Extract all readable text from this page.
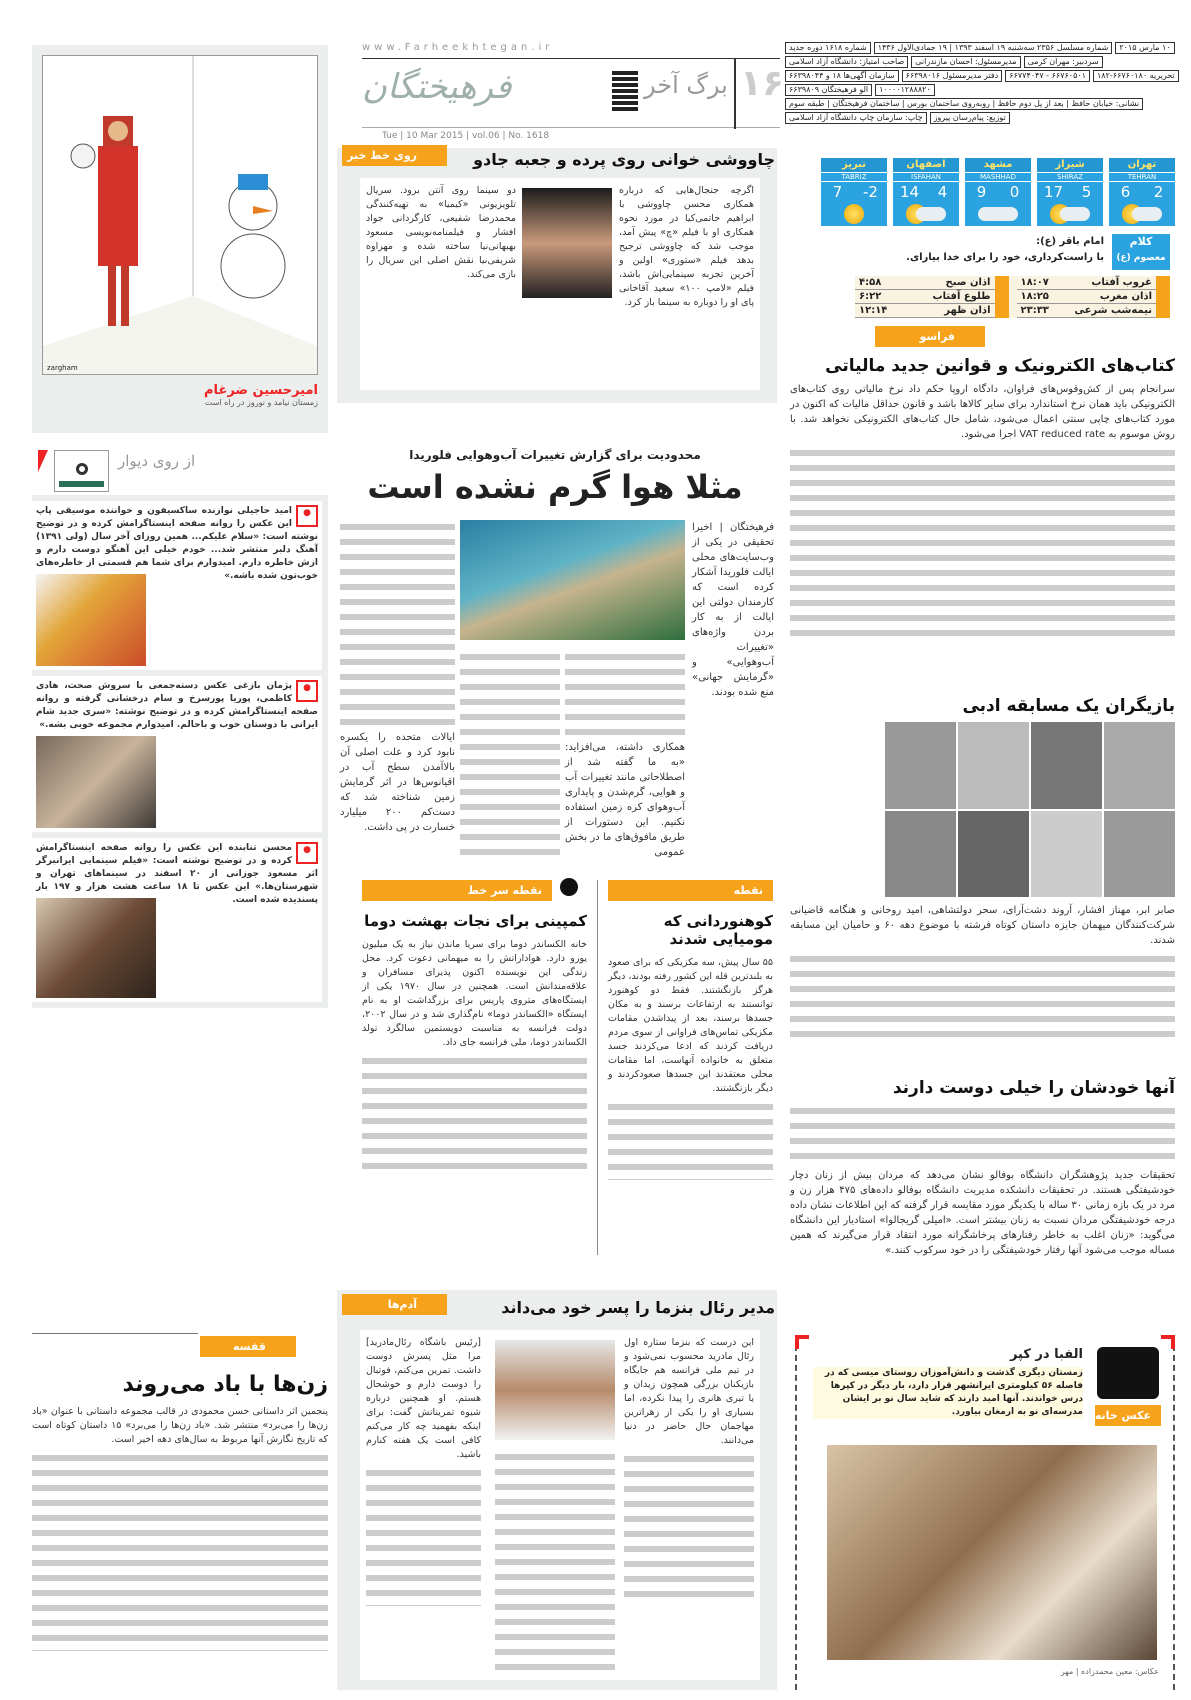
zargham
امیرحسین ضرغام
زمستان نیامد و نوروز در راه است
از روی دیوار
●
امید حاجیلی نوازنده ساکسیفون و خواننده موسیقی پاپ این عکس را روانه صفحه اینستاگرامش کرده و در توضیح نوشته است: «سلام علیکم... همین روزای آخر سال (ولی ۱۳۹۱) آهنگ دلبر منتشر شد... خودم خیلی این آهنگو دوست دارم و ازش خاطره دارم. امیدوارم برای شما هم قسمتی از خاطره‌های خوب‌تون شده باشه.»
●
پژمان بازغی عکس دسته‌جمعی با سروش صحت، هادی کاظمی، پوریا پورسرخ و سام درخشانی گرفته و روانه صفحه اینستاگرامش کرده و در توضیح نوشته: «سری جدید شام ایرانی با دوستان خوب و باحالم. امیدوارم مجموعه خوبی بشه.»
●
محسن تنابنده این عکس را روانه صفحه اینستاگرامش کرده و در توضیح نوشته است: «فیلم سینمایی ایرانبرگر اثر مسعود جوزانی از ۲۰ اسفند در سینماهای تهران و شهرستان‌ها.» این عکس تا ۱۸ ساعت هشت هزار و ۱۹۷ بار پسندیده شده است.
قفسه
زن‌ها با باد می‌روند
پنجمین اثر داستانی حسن محمودی در قالب مجموعه داستانی با عنوان «باد زن‌ها را می‌برد» منتشر شد. «باد زن‌ها را می‌برد» ۱۵ داستان کوتاه است که تاریخ نگارش آنها مربوط به سال‌های دهه اخیر است.
www.Farheekhtegan.ir
فرهیختگان	برگ آخر ۱۶
Tue | 10 Mar 2015 | vol.06 | No. 1618
روی خط خبر	چاووشی خوانی روی پرده و جعبه جادو
اگرچه جنجال‌هایی که درباره همکاری محسن چاووشی با ابراهیم حاتمی‌کیا در مورد نحوه همکاری او با فیلم «چ» پیش آمد، موجب شد که چاووشی ترجیح بدهد فیلم «ستوری» اولین و آخرین تجربه سینمایی‌اش باشد، فیلم «لامپ ۱۰۰» سعید آقاخانی پای او را دوباره به سینما باز کرد.
دو سینما روی آنتن برود. سریال تلویزیونی «کیمیا» به تهیه‌کنندگی محمدرضا شفیعی، کارگردانی جواد افشار و فیلمنامه‌نویسی مسعود بهبهانی‌نیا ساخته شده و مهراوه شریفی‌نیا نقش اصلی این سریال را بازی می‌کند.
محدودیت برای گزارش تغییرات آب‌وهوایی فلوریدا
مثلا هوا گرم نشده است
فرهیختگان | اخیرا تحقیقی در یکی از وب‌سایت‌های محلی ایالت فلوریدا آشکار کرده است که کارمندان دولتی این ایالت از به کار بردن واژه‌های «تغییرات آب‌وهوایی» و «گرمایش جهانی» منع شده بودند.
همکاری داشته، می‌افزاید: «به ما گفته شد از اصطلاحاتی مانند تغییرات آب و هوایی، گرم‌شدن و پایداری آب‌وهوای کره زمین استفاده نکنیم. این دستورات از طریق مافوق‌های ما در بخش عمومی
ایالات متحده را یکسره نابود کرد و علت اصلی آن بالاآمدن سطح آب در اقیانوس‌ها در اثر گرمایش زمین شناخته شد که دست‌کم ۲۰۰ میلیارد خسارت در پی داشت.
نقطه سر خط	نقطه
کمپینی برای نجات بهشت دوما
خانه الکساندر دوما برای سریا ماندن نیاز به یک میلیون یورو دارد. هواداراتش را به میهمانی دعوت کرد. محل زندگی این نویسنده اکنون پذیرای مسافران و علاقه‌مندانش است. همچنین در سال ۱۹۷۰ یکی از ایستگاه‌های متروی پاریس برای بزرگداشت او به نام ایستگاه «الکساندر دوما» نام‌گذاری شد و در سال ۲۰۰۲، دولت فرانسه به مناسبت دویستمین سالگرد تولد الکساندر دوما، ملی فرانسه جای داد.
کوهنوردانی که مومیایی شدند
۵۵ سال پیش، سه مکزیکی که برای صعود به بلندترین قله این کشور رفته بودند، دیگر هرگز بازنگشتند. فقط دو کوهنورد توانستند به ارتفاعات برسند و به مکان جسدها برسند، بعد از پیداشدن مقامات مکزیکی تماس‌های فراوانی از سوی مردم دریافت کردند که ادعا می‌کردند جسد متعلق به خانواده آنهاست، اما مقامات محلی معتقدند این جسدها صعودکردند و دیگر بازنگشتند.
آدم‌ها	مدیر رئال بنزما را پسر خود می‌داند
این درست که بنزما ستاره اول رئال مادرید محسوب نمی‌شود و در تیم ملی فرانسه هم جایگاه بازیکنان بزرگی همچون زیدان و یا تیری هانری را پیدا نکرده، اما بسیاری او را یکی از زهراترین مهاجمان حال حاضر در دنیا می‌دانند.
[رئیس باشگاه رئال‌مادرید] مرا مثل پسرش دوست داشت. تمرین می‌کنم، فوتبال را دوست دارم و خوشحال هستم. او همچنین درباره شیوه تمریناتش گفت: برای اینکه بفهمید چه کار می‌کنم کافی است یک هفته کنارم باشید.
شماره ۱۶۱۸ دوره جدید	شماره مسلسل ۲۳۵۶ سه‌شنبه ۱۹ اسفند ۱۳۹۳ | ۱۹ جمادی‌الاول ۱۴۳۶	۱۰ مارس ۲۰۱۵
صاحب امتیاز: دانشگاه آزاد اسلامی	مدیرمسئول: احسان مازندرانی	سردبیر: مهران کرمی
سازمان آگهی‌ها ۱۸ و ۶۶۳۹۸۰۴۴	دفتر مدیرمسئول ۶۶۳۹۸۰۱۶	۶۶۷۶۰۵۰۱ - ۶۶۷۷۴۰۴۷	تحریریه ۶۶۷۶۰۱۸۰-۱۸۲
الو فرهیختگان ۶۶۳۹۸۰۹	۱۰۰۰۰۱۲۸۸۸۲۰
نشانی: خیابان حافظ | بعد از پل دوم حافظ | روبه‌روی ساختمان بورس | ساختمان فرهیختگان | طبقه سوم
چاپ: سازمان چاپ دانشگاه آزاد اسلامی	توزیع: پیام‌رسان پیروز
تهران
TEHRAN
6	2
شیراز
SHIRAZ
17	5
مشهد
MASHHAD
9	0
اصفهان
ISFAHAN
14	4
تبریز
TABRIZ
7	-2
کلام
معصوم (ع)
امام باقر (ع):
با راست‌کرداری، خود را برای خدا بیارای.
غروب آفتاب
۱۸:۰۷
اذان مغرب
۱۸:۲۵
نیمه‌شب شرعی
۲۳:۳۳
اذان صبح
۴:۵۸
طلوع آفتاب
۶:۲۲
اذان ظهر
۱۲:۱۴
فراسو
کتاب‌های الکترونیک و قوانین جدید مالیاتی
سرانجام پس از کش‌وقوس‌های فراوان، دادگاه اروپا حکم داد نرخ مالیاتی روی کتاب‌های الکترونیکی باید همان نرخ استاندارد برای سایر کالاها باشد و قانون حداقل مالیات که اکنون در مورد کتاب‌های چاپی سنتی اعمال می‌شود، شامل حال کتاب‌های الکترونیکی نخواهد شد. با روش موسوم به VAT reduced rate اجرا می‌شود.
بازیگران یک مسابقه ادبی
صابر ابر، مهناز افشار، آروند دشت‌آرای، سحر دولتشاهی، امید روحانی و هنگامه قاضیانی شرکت‌کنندگان میهمان جایزه داستان کوتاه فرشته با موضوع دهه ۶۰ و حامیان این مسابقه شدند.
آنها خودشان را خیلی دوست دارند
تحقیقات جدید پژوهشگران دانشگاه بوفالو نشان می‌دهد که مردان بیش از زنان دچار خودشیفتگی هستند. در تحقیقات دانشکده مدیریت دانشگاه بوفالو داده‌های ۴۷۵ هزار زن و مرد در یک بازه زمانی ۳۰ ساله با یکدیگر مورد مقایسه قرار گرفته که این اطلاعات نشان داده درجه خودشیفتگی مردان نسبت به زنان بیشتر است. «امیلی گریجالوا» استادیار این دانشگاه می‌گوید: «زنان اغلب به خاطر رفتارهای پرخاشگرانه مورد انتقاد قرار می‌گیرند که همین مساله موجب می‌شود آنها رفتار خودشیفتگی را در خود سرکوب کنند.»
عکس خانه
الفبا در کپر
زمستان دیگری گذشت و دانش‌آموزان روستای میسی که در فاصله ۵۶ کیلومتری ایرانشهر قرار دارد، بار دیگر در کپرها درس خواندند. آنها امید دارند که شاید سال نو بر ایشان مدرسه‌ای نو به ارمغان بیاورد.
عکاس: معین محمدزاده | مهر
